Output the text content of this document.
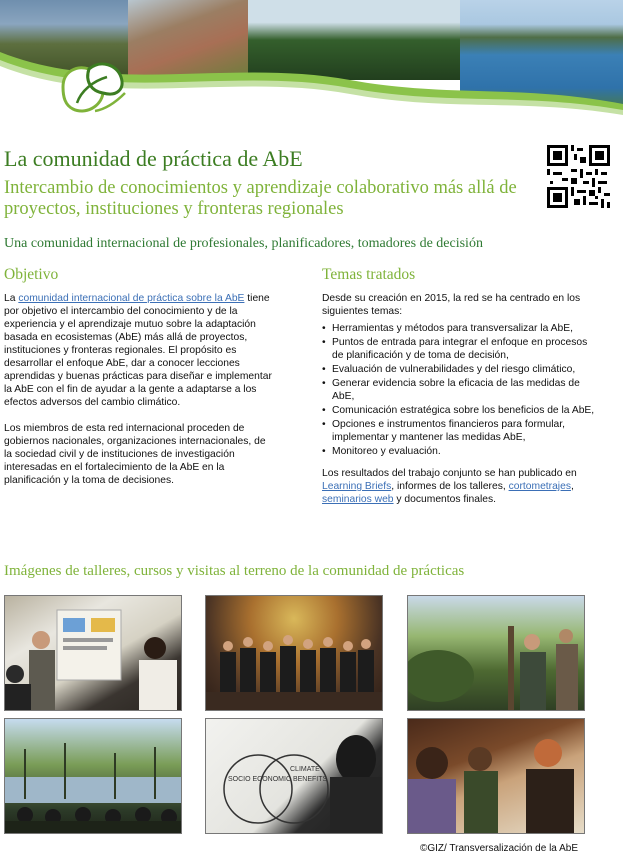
La comunidad de práctica de AbE
Intercambio de conocimientos y aprendizaje colaborativo más allá de proyectos, instituciones y fronteras regionales
Una comunidad internacional de profesionales, planificadores, tomadores de decisión
Objetivo

La comunidad internacional de práctica sobre la AbE tiene por objetivo el intercambio del conocimiento y de la experiencia y el aprendizaje mutuo sobre la adaptación basada en ecosistemas (AbE) más allá de proyectos, instituciones y fronteras regionales. El propósito es desarrollar el enfoque AbE, dar a conocer lecciones aprendidas y buenas prácticas para diseñar e implementar la AbE con el fin de ayudar a la gente a adaptarse a los efectos adversos del cambio climático.

Los miembros de esta red internacional proceden de gobiernos nacionales, organizaciones internacionales, de la sociedad civil y de instituciones de investigación interesadas en el fortalecimiento de la AbE en la planificación y la toma de decisiones.

Temas tratados

Desde su creación en 2015, la red se ha centrado en los siguientes temas:

• Herramientas y métodos para transversalizar la AbE,
• Puntos de entrada para integrar el enfoque en procesos de planificación y de toma de decisión,
• Evaluación de vulnerabilidades y del riesgo climático,
• Generar evidencia sobre la eficacia de las medidas de AbE,
• Comunicación estratégica sobre los beneficios de la AbE,
• Opciones e instrumentos financieros para formular, implementar y mantener las medidas AbE,
• Monitoreo y evaluación.

Los resultados del trabajo conjunto se han publicado en Learning Briefs, informes de los talleres, cortometrajes, seminarios web y documentos finales.

Imágenes de talleres, cursos y visitas al terreno de la comunidad de prácticas
SOCIO ECONOMIC BENEFITS
CLIMATE
©GIZ/ Transversalización de la AbE
